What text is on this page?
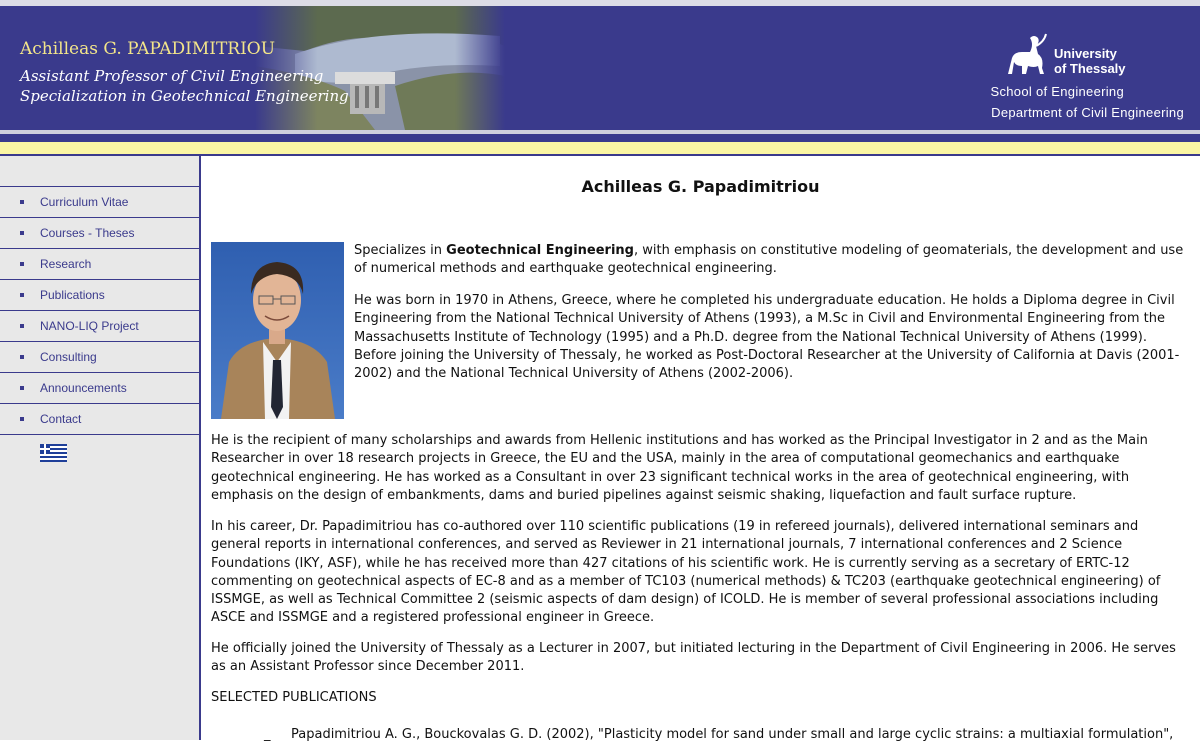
Achilleas G. PAPADIMITRIOU
Assistant Professor of Civil Engineering
Specialization in Geotechnical Engineering
University
of Thessaly
School of Engineering
Department of Civil Engineering
Curriculum Vitae
Courses - Theses
Research
Publications
NANO-LIQ Project
Consulting
Announcements
Contact
Achilleas G. Papadimitriou

Specializes in Geotechnical Engineering, with emphasis on constitutive modeling of geomaterials, the development and use of numerical methods and earthquake geotechnical engineering.

He was born in 1970 in Athens, Greece, where he completed his undergraduate education. He holds a Diploma degree in Civil Engineering from the National Technical University of Athens (1993), a M.Sc in Civil and Environmental Engineering from the Massachusetts Institute of Technology (1995) and a Ph.D. degree from the National Technical University of Athens (1999). Before joining the University of Thessaly, he worked as Post-Doctoral Researcher at the University of California at Davis (2001-2002) and the National Technical University of Athens (2002-2006).

He is the recipient of many scholarships and awards from Hellenic institutions and has worked as the Principal Investigator in 2 and as the Main Researcher in over 18 research projects in Greece, the EU and the USA, mainly in the area of computational geomechanics and earthquake geotechnical engineering. He has worked as a Consultant in over 23 significant technical works in the area of geotechnical engineering, with emphasis on the design of embankments, dams and buried pipelines against seismic shaking, liquefaction and fault surface rupture.

In his career, Dr. Papadimitriou has co-authored over 110 scientific publications (19 in refereed journals), delivered international seminars and general reports in international conferences, and served as Reviewer in 21 international journals, 7 international conferences and 2 Science Foundations (IKY, ASF), while he has received more than 427 citations of his scientific work. He is currently serving as a secretary of ERTC-12 commenting on geotechnical aspects of EC-8 and as a member of TC103 (numerical methods) & TC203 (earthquake geotechnical engineering) of ISSMGE, as well as Technical Committee 2 (seismic aspects of dam design) of ICOLD. He is member of several professional associations including ASCE and ISSMGE and a registered professional engineer in Greece.

He officially joined the University of Thessaly as a Lecturer in 2007, but initiated lecturing in the Department of Civil Engineering in 2006. He serves as an Assistant Professor since December 2011.

SELECTED PUBLICATIONS
_ Papadimitriou A. G., Bouckovalas G. D. (2002), "Plasticity model for sand under small and large cyclic strains: a multiaxial formulation",
